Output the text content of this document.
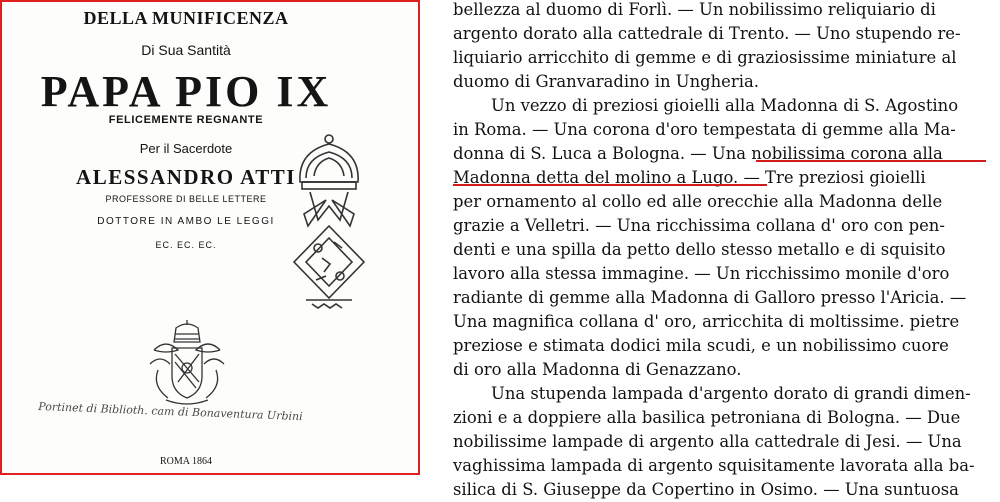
DELLA MUNIFICENZA
Di Sua Santità
PAPA PIO IX
FELICEMENTE REGNANTE
Per il Sacerdote
ALESSANDRO ATTI
PROFESSORE DI BELLE LETTERE
DOTTORE IN AMBO LE LEGGI
EC. EC. EC.
Portinet di Biblioth. cam di Bonaventura Urbini
ROMA 1864
bellezza al duomo di Forlì. — Un nobilissimo reliquiario di
argento dorato alla cattedrale di Trento. — Uno stupendo re-
liquiario arricchito di gemme e di graziosissime miniature al
duomo di Granvaradino in Ungheria.
Un vezzo di preziosi gioielli alla Madonna di S. Agostino
in Roma. — Una corona d'oro tempestata di gemme alla Ma-
donna di S. Luca a Bologna. — Una nobilissima corona alla
Madonna detta del molino a Lugo. — Tre preziosi gioielli
per ornamento al collo ed alle orecchie alla Madonna delle
grazie a Velletri. — Una ricchissima collana d' oro con pen-
denti e una spilla da petto dello stesso metallo e di squisito
lavoro alla stessa immagine. — Un ricchissimo monile d'oro
radiante di gemme alla Madonna di Galloro presso l'Aricia. —
Una magnifica collana d' oro, arricchita di moltissime. pietre
preziose e stimata dodici mila scudi, e un nobilissimo cuore
di oro alla Madonna di Genazzano.
Una stupenda lampada d'argento dorato di grandi dimen-
zioni e a doppiere alla basilica petroniana di Bologna. — Due
nobilissime lampade di argento alla cattedrale di Jesi. — Una
vaghissima lampada di argento squisitamente lavorata alla ba-
silica di S. Giuseppe da Copertino in Osimo. — Una suntuosa
